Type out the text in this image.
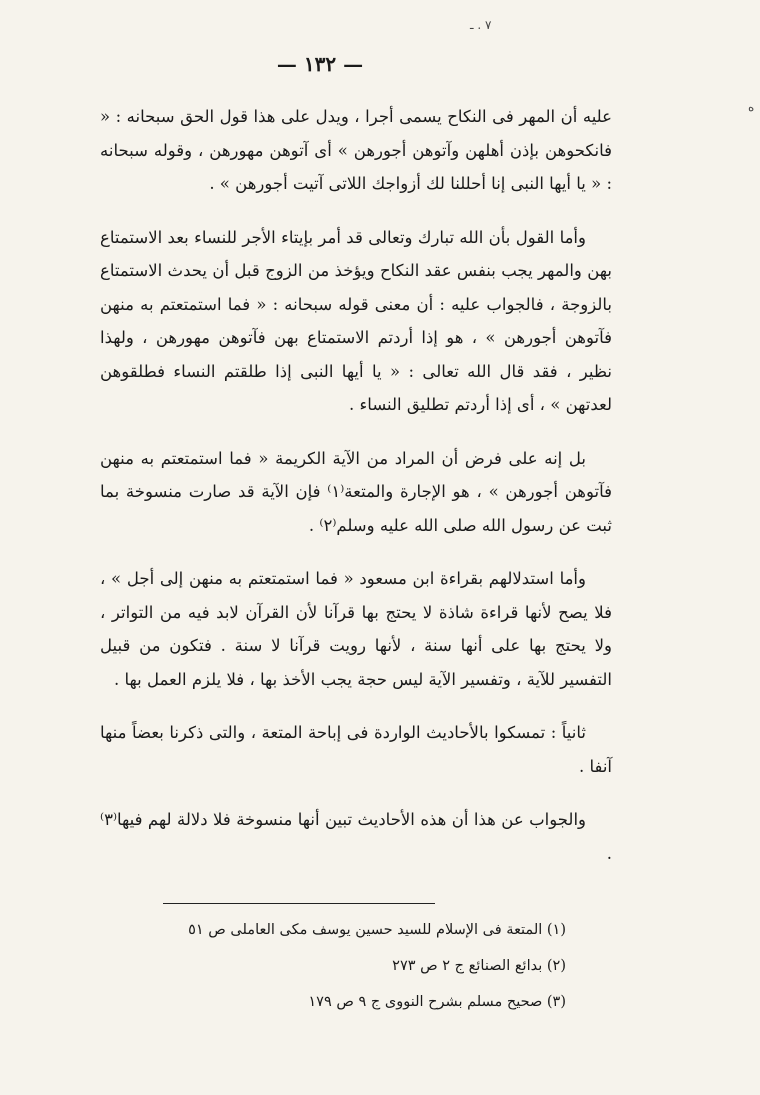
٧ . ـ
ه
— ١٣٢ —

عليه أن المهر فى النكاح يسمى أجرا ، ويدل على هذا قول الحق سبحانه : « فانكحوهن بإذن أهلهن وآتوهن أجورهن » أى آتوهن مهورهن ، وقوله سبحانه : « يا أيها النبى إنا أحللنا لك أزواجك اللاتى آتيت أجورهن » .

وأما القول بأن الله تبارك وتعالى قد أمر بإيتاء الأجر للنساء بعد الاستمتاع بهن والمهر يجب بنفس عقد النكاح ويؤخذ من الزوج قبل أن يحدث الاستمتاع بالزوجة ، فالجواب عليه : أن معنى قوله سبحانه : « فما استمتعتم به منهن فآتوهن أجورهن » ، هو إذا أردتم الاستمتاع بهن فآتوهن مهورهن ، ولهذا نظير ، فقد قال الله تعالى : « يا أيها النبى إذا طلقتم النساء فطلقوهن لعدتهن » ، أى إذا أردتم تطليق النساء .

بل إنه على فرض أن المراد من الآية الكريمة « فما استمتعتم به منهن فآتوهن أجورهن » ، هو الإجارة والمتعة⁽١⁾ فإن الآية قد صارت منسوخة بما ثبت عن رسول الله صلى الله عليه وسلم⁽٢⁾ .

وأما استدلالهم بقراءة ابن مسعود « فما استمتعتم به منهن إلى أجل » ، فلا يصح لأنها قراءة شاذة لا يحتج بها قرآنا لأن القرآن لابد فيه من التواتر ، ولا يحتج بها على أنها سنة ، لأنها رويت قرآنا لا سنة . فتكون من قبيل التفسير للآية ، وتفسير الآية ليس حجة يجب الأخذ بها ، فلا يلزم العمل بها .

ثانياً : تمسكوا بالأحاديث الواردة فى إباحة المتعة ، والتى ذكرنا بعضاً منها آنفا .

والجواب عن هذا أن هذه الأحاديث تبين أنها منسوخة فلا دلالة لهم فيها⁽٣⁾ .

(١) المتعة فى الإسلام للسيد حسين يوسف مكى العاملى ص ٥١
(٢) بدائع الصنائع ج ٢ ص ٢٧٣
(٣) صحيح مسلم بشرح النووى ج ٩ ص ١٧٩
